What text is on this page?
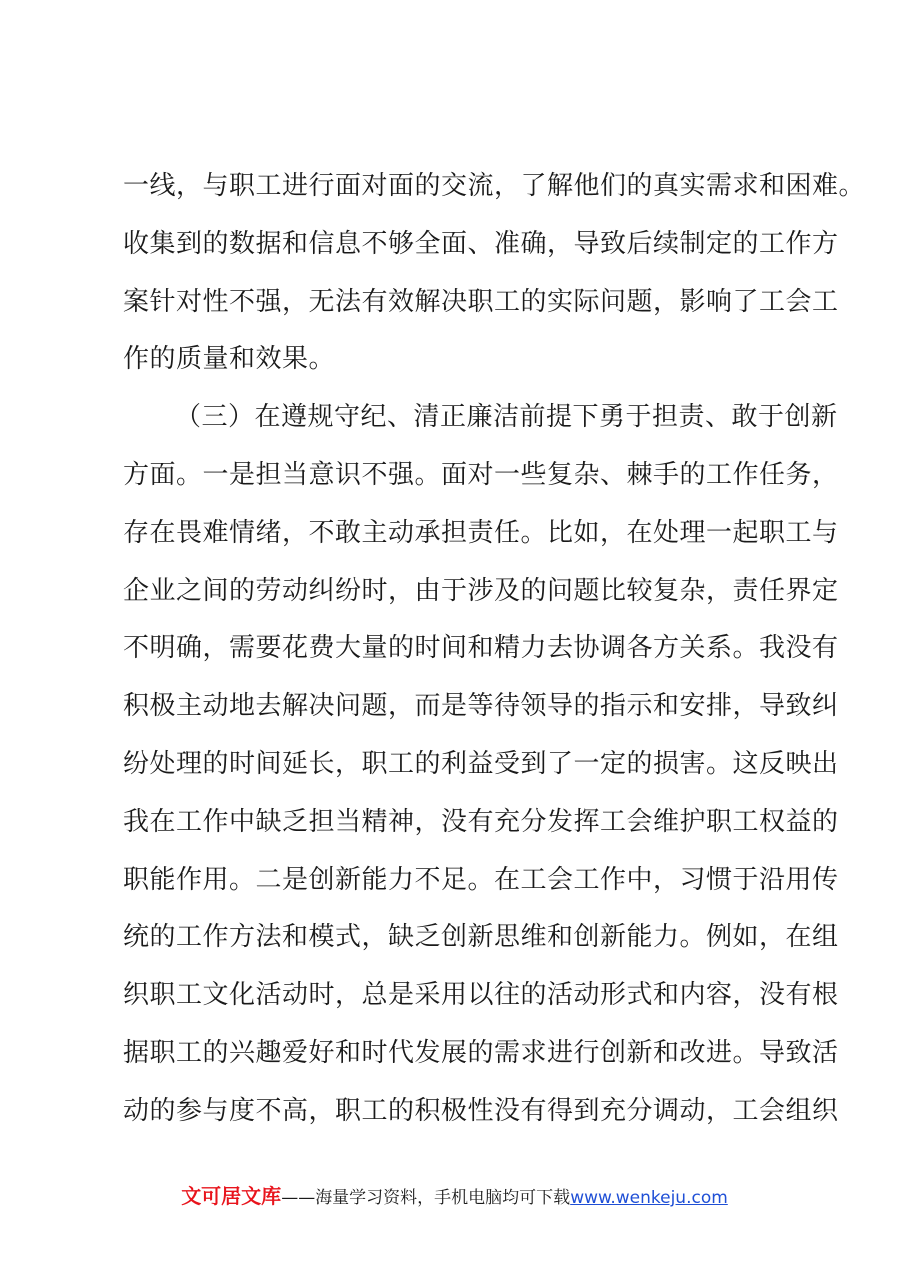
一线，与职工进行面对面的交流，了解他们的真实需求和困难。
收集到的数据和信息不够全面、准确，导致后续制定的工作方
案针对性不强，无法有效解决职工的实际问题，影响了工会工
作的质量和效果。
（三）在遵规守纪、清正廉洁前提下勇于担责、敢于创新
方面。一是担当意识不强。面对一些复杂、棘手的工作任务，
存在畏难情绪，不敢主动承担责任。比如，在处理一起职工与
企业之间的劳动纠纷时，由于涉及的问题比较复杂，责任界定
不明确，需要花费大量的时间和精力去协调各方关系。我没有
积极主动地去解决问题，而是等待领导的指示和安排，导致纠
纷处理的时间延长，职工的利益受到了一定的损害。这反映出
我在工作中缺乏担当精神，没有充分发挥工会维护职工权益的
职能作用。二是创新能力不足。在工会工作中，习惯于沿用传
统的工作方法和模式，缺乏创新思维和创新能力。例如，在组
织职工文化活动时，总是采用以往的活动形式和内容，没有根
据职工的兴趣爱好和时代发展的需求进行创新和改进。导致活
动的参与度不高，职工的积极性没有得到充分调动，工会组织
文可居文库——海量学习资料，手机电脑均可下载www.wenkeju.com
